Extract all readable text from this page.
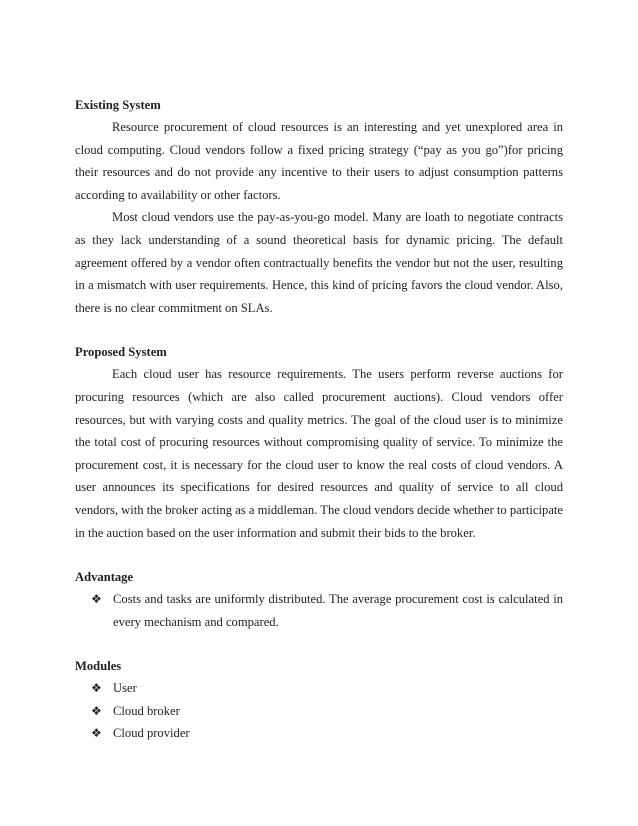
Existing System

Resource procurement of cloud resources is an interesting and yet unexplored area in cloud computing. Cloud vendors follow a fixed pricing strategy (“pay as you go”)for pricing their resources and do not provide any incentive to their users to adjust consumption patterns according to availability or other factors.

Most cloud vendors use the pay-as-you-go model. Many are loath to negotiate contracts as they lack understanding of a sound theoretical basis for dynamic pricing. The default agreement offered by a vendor often contractually benefits the vendor but not the user, resulting in a mismatch with user requirements. Hence, this kind of pricing favors the cloud vendor. Also, there is no clear commitment on SLAs.

Proposed System

Each cloud user has resource requirements. The users perform reverse auctions for procuring resources (which are also called procurement auctions). Cloud vendors offer resources, but with varying costs and quality metrics. The goal of the cloud user is to minimize the total cost of procuring resources without compromising quality of service. To minimize the procurement cost, it is necessary for the cloud user to know the real costs of cloud vendors. A user announces its specifications for desired resources and quality of service to all cloud vendors, with the broker acting as a middleman. The cloud vendors decide whether to participate in the auction based on the user information and submit their bids to the broker.

Advantage

❖ Costs and tasks are uniformly distributed. The average procurement cost is calculated in every mechanism and compared.

Modules

❖ User
❖ Cloud broker
❖ Cloud provider
